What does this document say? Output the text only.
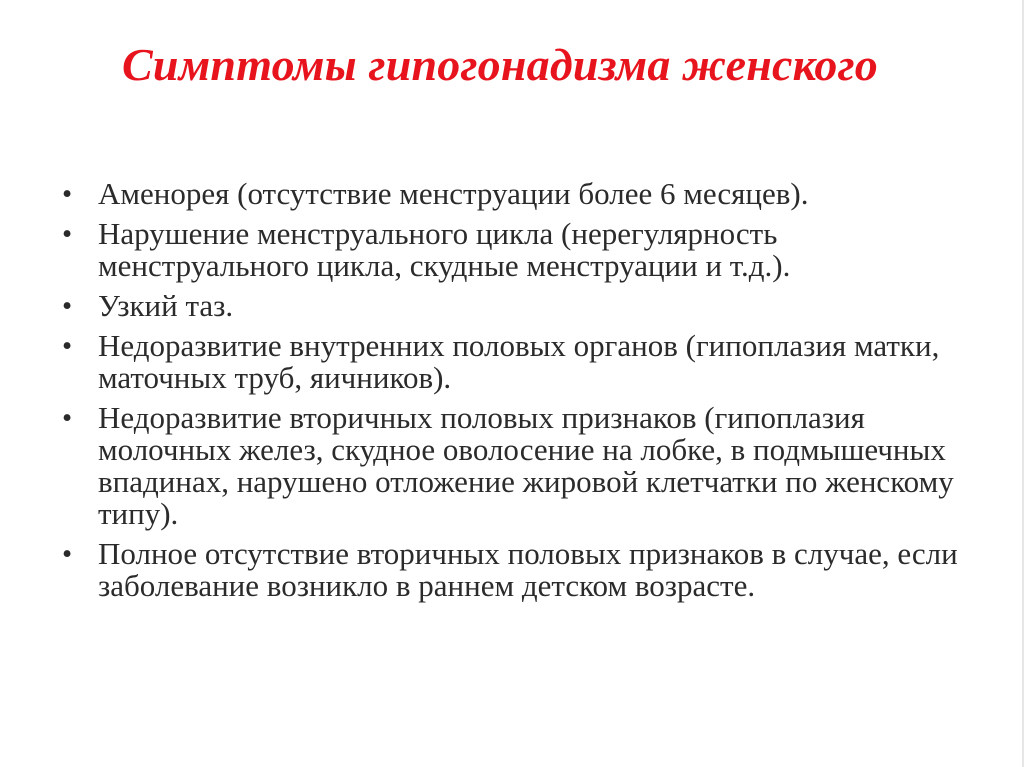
Симптомы гипогонадизма женского
• Аменорея (отсутствие менструации более 6 месяцев).
• Нарушение менструального цикла (нерегулярность менструального цикла, скудные менструации и т.д.).
• Узкий таз.
• Недоразвитие внутренних половых органов (гипоплазия матки, маточных труб, яичников).
• Недоразвитие вторичных половых признаков (гипоплазия молочных желез, скудное оволосение на лобке, в подмышечных впадинах, нарушено отложение жировой клетчатки по женскому типу).
• Полное отсутствие вторичных половых признаков в случае, если заболевание возникло в раннем детском возрасте.
